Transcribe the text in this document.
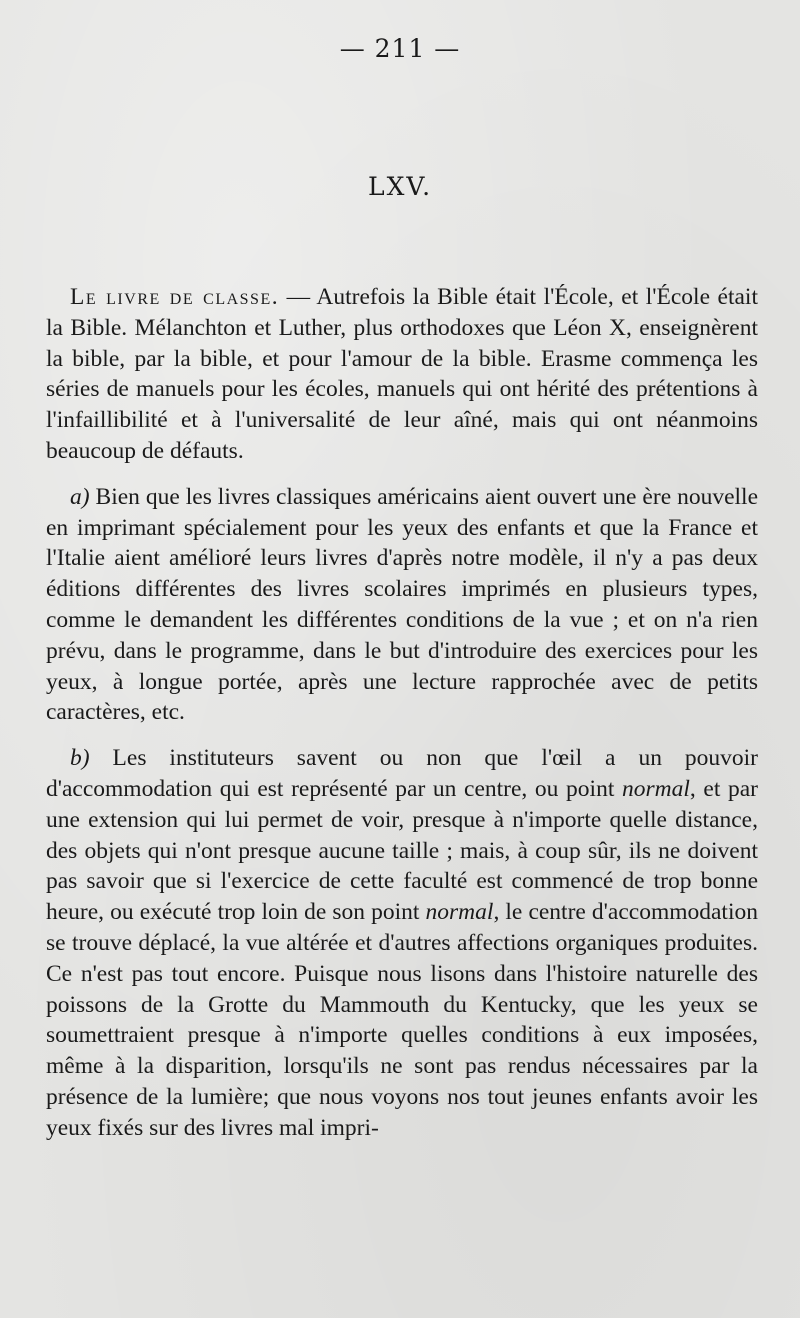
— 211 —
LXV.

Le livre de classe. — Autrefois la Bible était l'École, et l'École était la Bible. Mélanchton et Luther, plus orthodoxes que Léon X, enseignèrent la bible, par la bible, et pour l'amour de la bible. Erasme commença les séries de manuels pour les écoles, manuels qui ont hérité des prétentions à l'infaillibilité et à l'universalité de leur aîné, mais qui ont néanmoins beaucoup de défauts.

a) Bien que les livres classiques américains aient ouvert une ère nouvelle en imprimant spécialement pour les yeux des enfants et que la France et l'Italie aient amélioré leurs livres d'après notre modèle, il n'y a pas deux éditions différentes des livres scolaires imprimés en plusieurs types, comme le demandent les différentes conditions de la vue ; et on n'a rien prévu, dans le programme, dans le but d'introduire des exercices pour les yeux, à longue portée, après une lecture rapprochée avec de petits caractères, etc.

b) Les instituteurs savent ou non que l'œil a un pouvoir d'accommodation qui est représenté par un centre, ou point normal, et par une extension qui lui permet de voir, presque à n'importe quelle distance, des objets qui n'ont presque aucune taille ; mais, à coup sûr, ils ne doivent pas savoir que si l'exercice de cette faculté est commencé de trop bonne heure, ou exécuté trop loin de son point normal, le centre d'accommodation se trouve déplacé, la vue altérée et d'autres affections organiques produites. Ce n'est pas tout encore. Puisque nous lisons dans l'histoire naturelle des poissons de la Grotte du Mammouth du Kentucky, que les yeux se soumettraient presque à n'importe quelles conditions à eux imposées, même à la disparition, lorsqu'ils ne sont pas rendus nécessaires par la présence de la lumière; que nous voyons nos tout jeunes enfants avoir les yeux fixés sur des livres mal impri-
